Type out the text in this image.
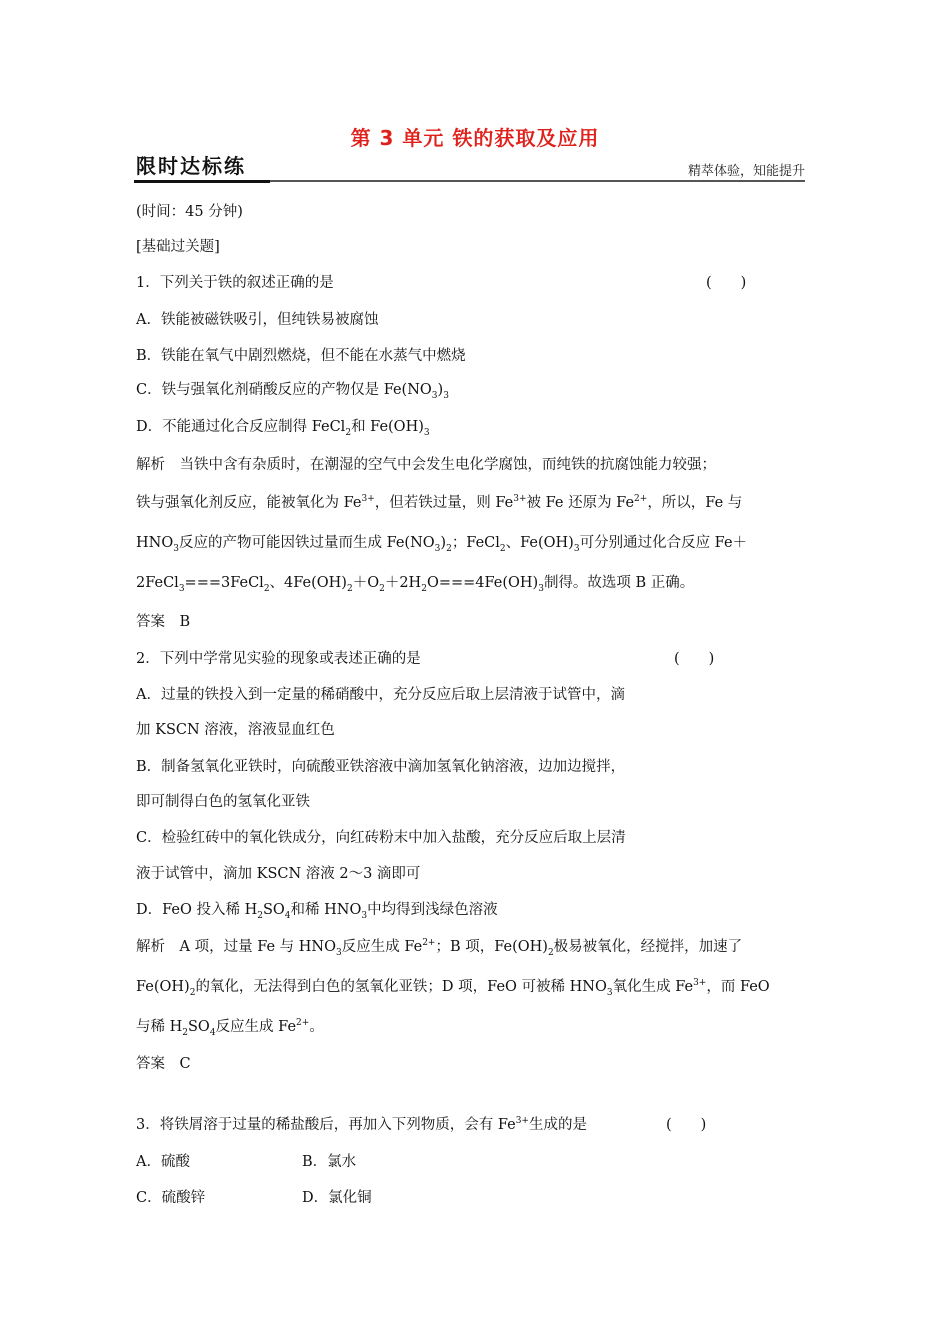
第 3 单元 铁的获取及应用
限时达标练	精萃体验，知能提升
(时间：45 分钟)
[基础过关题]
1．下列关于铁的叙述正确的是	(　　)
A．铁能被磁铁吸引，但纯铁易被腐蚀
B．铁能在氧气中剧烈燃烧，但不能在水蒸气中燃烧
C．铁与强氧化剂硝酸反应的产物仅是 $Fe(NO_3)_3$
D．不能通过化合反应制得 FeCl$_2$和 $Fe(OH)_3$
解析　当铁中含有杂质时，在潮湿的空气中会发生电化学腐蚀，而纯铁的抗腐蚀能力较强；
铁与强氧化剂反应，能被氧化为 $Fe^{3+}$，但若铁过量，则 $Fe^{3+}$被 Fe 还原为 $Fe^{2+}$，所以，Fe 与
$HNO_3$反应的产物可能因铁过量而生成 $Fe(NO_3)_2$；FeCl$_2$、$Fe(OH)_3$可分别通过化合反应 Fe＋
2FeCl$_3$===3FeCl$_2$、$4Fe(OH)_2+O_2+2H_2O===4Fe(OH)_3$制得。故选项 B 正确。
答案　B
2．下列中学常见实验的现象或表述正确的是	(　　)
A．过量的铁投入到一定量的稀硝酸中，充分反应后取上层清液于试管中，滴
加 KSCN 溶液，溶液显血红色
B．制备氢氧化亚铁时，向硫酸亚铁溶液中滴加氢氧化钠溶液，边加边搅拌，
即可制得白色的氢氧化亚铁
C．检验红砖中的氧化铁成分，向红砖粉末中加入盐酸，充分反应后取上层清
液于试管中，滴加 KSCN 溶液 2～3 滴即可
D．FeO 投入稀 $H_2SO_4$和稀 $HNO_3$中均得到浅绿色溶液
解析　A 项，过量 Fe 与 $HNO_3$反应生成 $Fe^{2+}$；B 项，$Fe(OH)_2$极易被氧化，经搅拌，加速了
$Fe(OH)_2$的氧化，无法得到白色的氢氧化亚铁；D 项，FeO 可被稀 $HNO_3$氧化生成 $Fe^{3+}$，而 FeO
与稀 $H_2SO_4$反应生成 $Fe^{2+}$。
答案　C
3．将铁屑溶于过量的稀盐酸后，再加入下列物质，会有 $Fe^{3+}$生成的是	(　　)
A．硫酸	B．氯水
C．硫酸锌	D．氯化铜
